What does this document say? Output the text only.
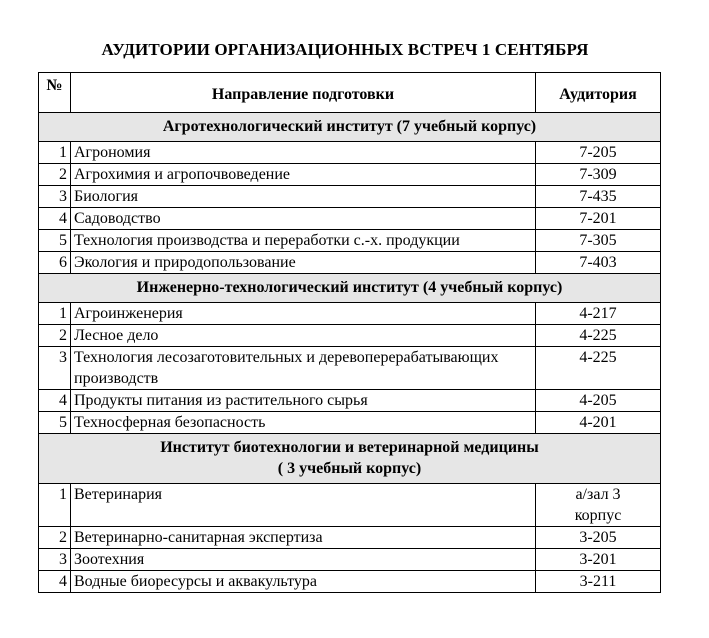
АУДИТОРИИ ОРГАНИЗАЦИОННЫХ ВСТРЕЧ 1 СЕНТЯБРЯ
№	Направление подготовки	Аудитория
Агротехнологический институт (7 учебный корпус)		
1	Агрономия	7-205
2	Агрохимия и агропочвоведение	7-309
3	Биология	7-435
4	Садоводство	7-201
5	Технология производства и переработки с.-х. продукции	7-305
6	Экология и природопользование	7-403
Инженерно-технологический институт (4 учебный корпус)		
1	Агроинженерия	4-217
2	Лесное дело	4-225
3	Технология лесозаготовительных и деревоперерабатывающих производств	4-225
4	Продукты питания из растительного сырья	4-205
5	Техносферная безопасность	4-201

Институт биотехнологии и ветеринарной медицины
( 3 учебный корпус)		

1	Ветеринария	а/зал 3 корпус
2	Ветеринарно-санитарная экспертиза	3-205
3	Зоотехния	3-201
4	Водные биоресурсы и аквакультура	3-211
